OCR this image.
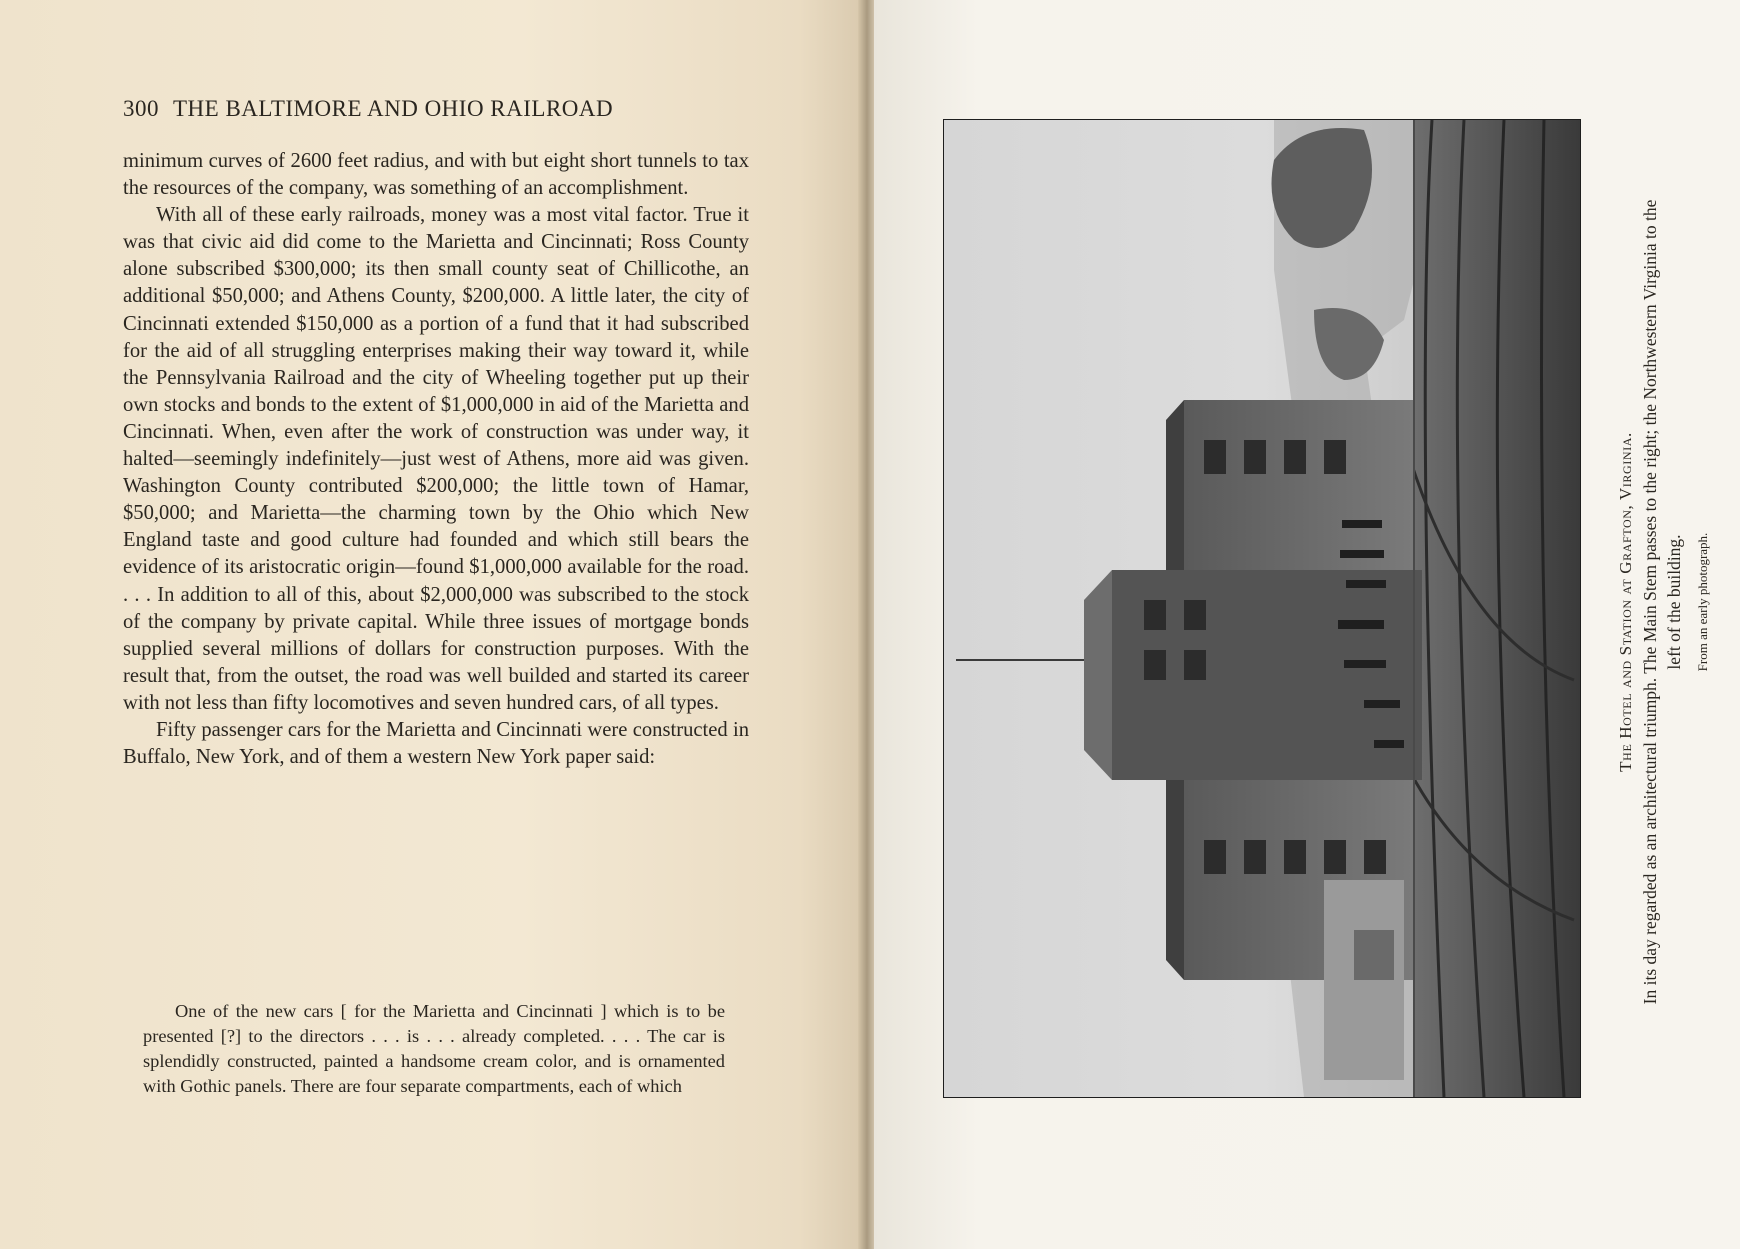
300 THE BALTIMORE AND OHIO RAILROAD

minimum curves of 2600 feet radius, and with but eight short tunnels to tax the resources of the company, was something of an accomplishment.

With all of these early railroads, money was a most vital factor. True it was that civic aid did come to the Marietta and Cincinnati; Ross County alone subscribed $300,000; its then small county seat of Chillicothe, an additional $50,000; and Athens County, $200,000. A little later, the city of Cincinnati extended $150,000 as a portion of a fund that it had subscribed for the aid of all struggling enterprises making their way toward it, while the Pennsylvania Railroad and the city of Wheeling together put up their own stocks and bonds to the extent of $1,000,000 in aid of the Marietta and Cincinnati. When, even after the work of construction was under way, it halted—seemingly indefinitely—just west of Athens, more aid was given. Washington County contributed $200,000; the little town of Hamar, $50,000; and Marietta—the charming town by the Ohio which New England taste and good culture had founded and which still bears the evidence of its aristocratic origin—found $1,000,000 available for the road. . . . In addition to all of this, about $2,000,000 was subscribed to the stock of the company by private capital. While three issues of mortgage bonds supplied several millions of dollars for construction purposes. With the result that, from the outset, the road was well builded and started its career with not less than fifty locomotives and seven hundred cars, of all types.

Fifty passenger cars for the Marietta and Cincinnati were constructed in Buffalo, New York, and of them a western New York paper said:

One of the new cars [ for the Marietta and Cincinnati ] which is to be presented [?] to the directors . . . is . . . already completed. . . . The car is splendidly constructed, painted a handsome cream color, and is ornamented with Gothic panels. There are four separate compartments, each of which

The Hotel and Station at Grafton, Virginia. In its day regarded as an architectural triumph. The Main Stem passes to the right; the Northwestern Virginia to the left of the building. From an early photograph.
